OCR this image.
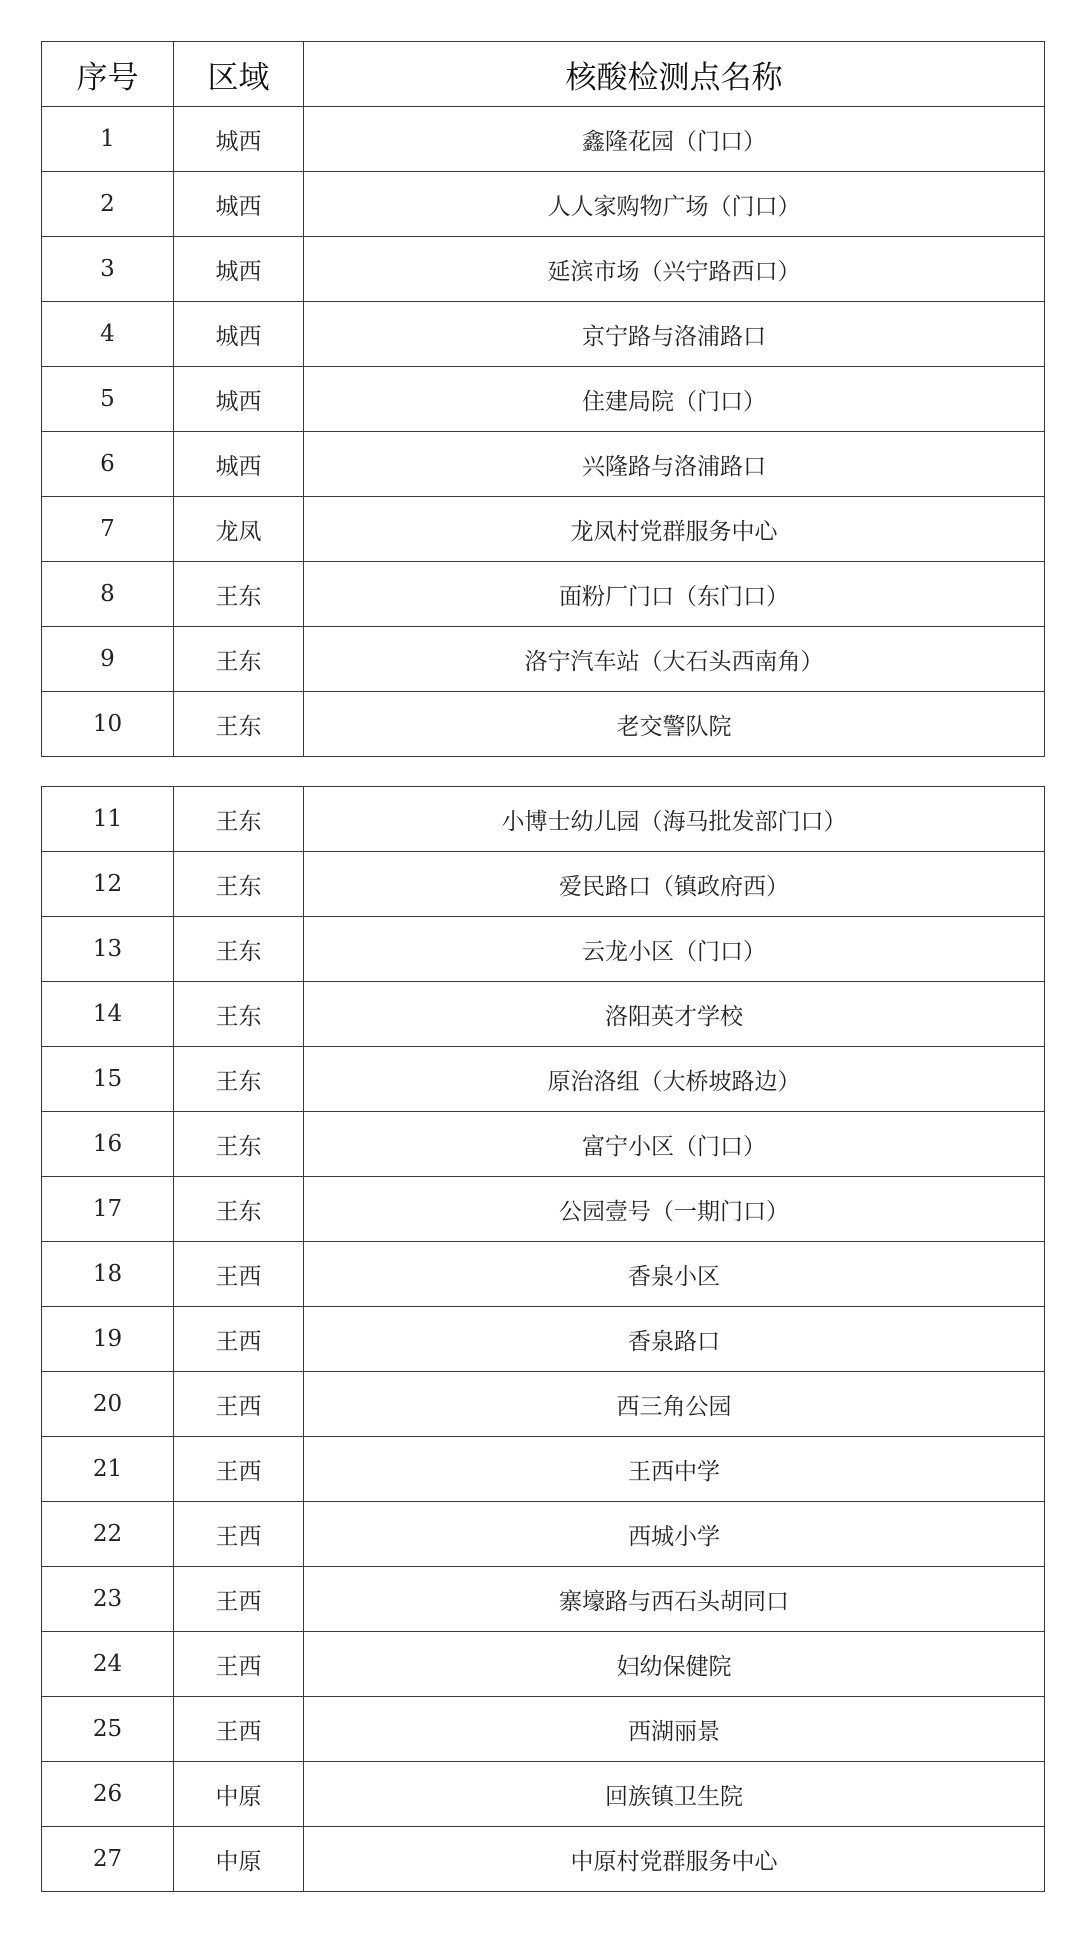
序号	区域	核酸检测点名称
1	城西	鑫隆花园（门口）
2	城西	人人家购物广场（门口）
3	城西	延滨市场（兴宁路西口）
4	城西	京宁路与洛浦路口
5	城西	住建局院（门口）
6	城西	兴隆路与洛浦路口
7	龙凤	龙凤村党群服务中心
8	王东	面粉厂门口（东门口）
9	王东	洛宁汽车站（大石头西南角）
10	王东	老交警队院
11	王东	小博士幼儿园（海马批发部门口）
12	王东	爱民路口（镇政府西）
13	王东	云龙小区（门口）
14	王东	洛阳英才学校
15	王东	原治洛组（大桥坡路边）
16	王东	富宁小区（门口）
17	王东	公园壹号（一期门口）
18	王西	香泉小区
19	王西	香泉路口
20	王西	西三角公园
21	王西	王西中学
22	王西	西城小学
23	王西	寨壕路与西石头胡同口
24	王西	妇幼保健院
25	王西	西湖丽景
26	中原	回族镇卫生院
27	中原	中原村党群服务中心
